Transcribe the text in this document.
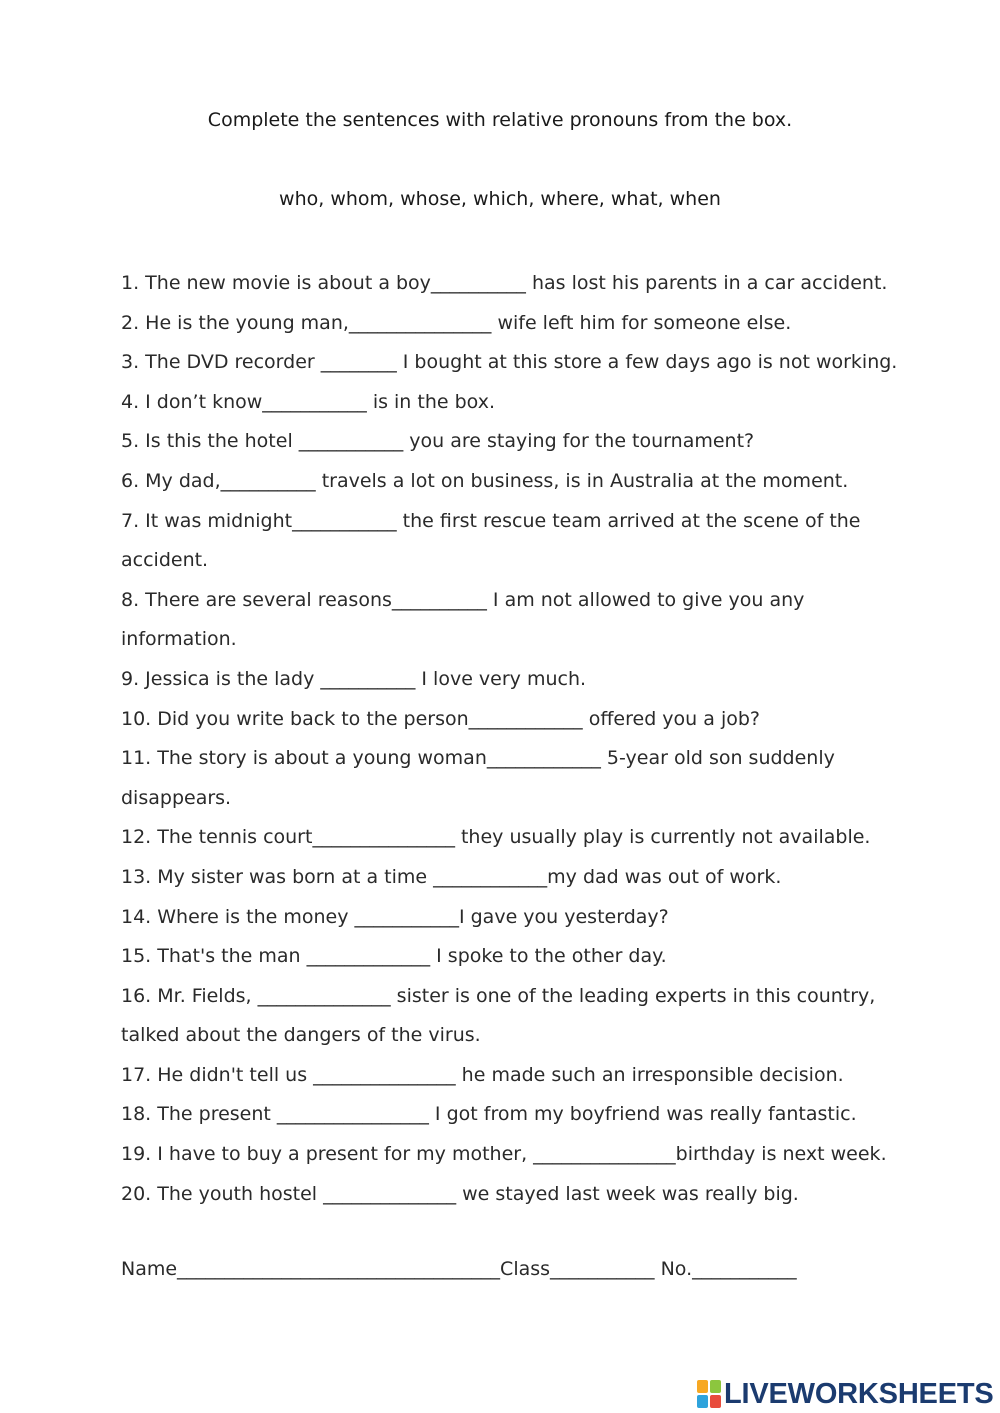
Complete the sentences with relative pronouns from the box.
who, whom, whose, which, where, what, when
1. The new movie is about a boy__________ has lost his parents in a car accident.
2. He is the young man,_______________ wife left him for someone else.
3. The DVD recorder ________ I bought at this store a few days ago is not working.
4. I don’t know___________ is in the box.
5. Is this the hotel ___________ you are staying for the tournament?
6. My dad,__________ travels a lot on business, is in Australia at the moment.
7. It was midnight___________ the first rescue team arrived at the scene of the
accident.
8. There are several reasons__________ I am not allowed to give you any
information.
9. Jessica is the lady __________ I love very much.
10. Did you write back to the person____________ offered you a job?
11. The story is about a young woman____________ 5-year old son suddenly
disappears.
12. The tennis court_______________ they usually play is currently not available.
13. My sister was born at a time ____________my dad was out of work.
14. Where is the money ___________I gave you yesterday?
15. That's the man _____________ I spoke to the other day.
16. Mr. Fields, ______________ sister is one of the leading experts in this country,
talked about the dangers of the virus.
17. He didn't tell us _______________ he made such an irresponsible decision.
18. The present ________________ I got from my boyfriend was really fantastic.
19. I have to buy a present for my mother, _______________birthday is next week.
20. The youth hostel ______________ we stayed last week was really big.
Name__________________________________Class___________ No.___________
LIVEWORKSHEETS
